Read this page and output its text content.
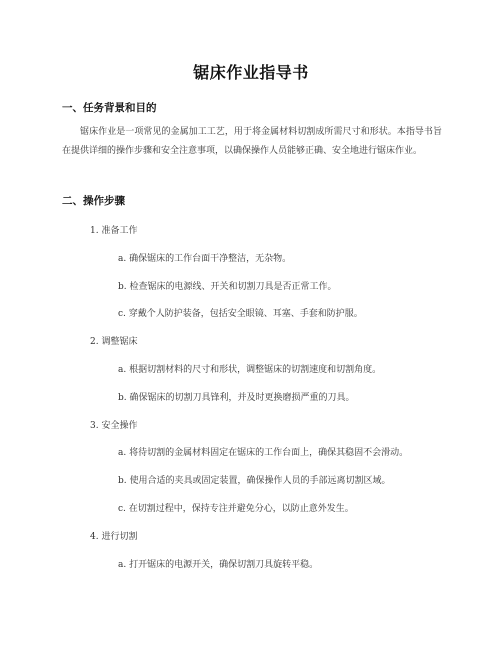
锯床作业指导书
一、任务背景和目的
锯床作业是一项常见的金属加工工艺，用于将金属材料切割成所需尺寸和形状。本指导书旨在提供详细的操作步骤和安全注意事项，以确保操作人员能够正确、安全地进行锯床作业。
二、操作步骤
1. 准备工作
a. 确保锯床的工作台面干净整洁，无杂物。
b. 检查锯床的电源线、开关和切割刀具是否正常工作。
c. 穿戴个人防护装备，包括安全眼镜、耳塞、手套和防护服。
2. 调整锯床
a. 根据切割材料的尺寸和形状，调整锯床的切割速度和切割角度。
b. 确保锯床的切割刀具锋利，并及时更换磨损严重的刀具。
3. 安全操作
a. 将待切割的金属材料固定在锯床的工作台面上，确保其稳固不会滑动。
b. 使用合适的夹具或固定装置，确保操作人员的手部远离切割区域。
c. 在切割过程中，保持专注并避免分心，以防止意外发生。
4. 进行切割
a. 打开锯床的电源开关，确保切割刀具旋转平稳。
